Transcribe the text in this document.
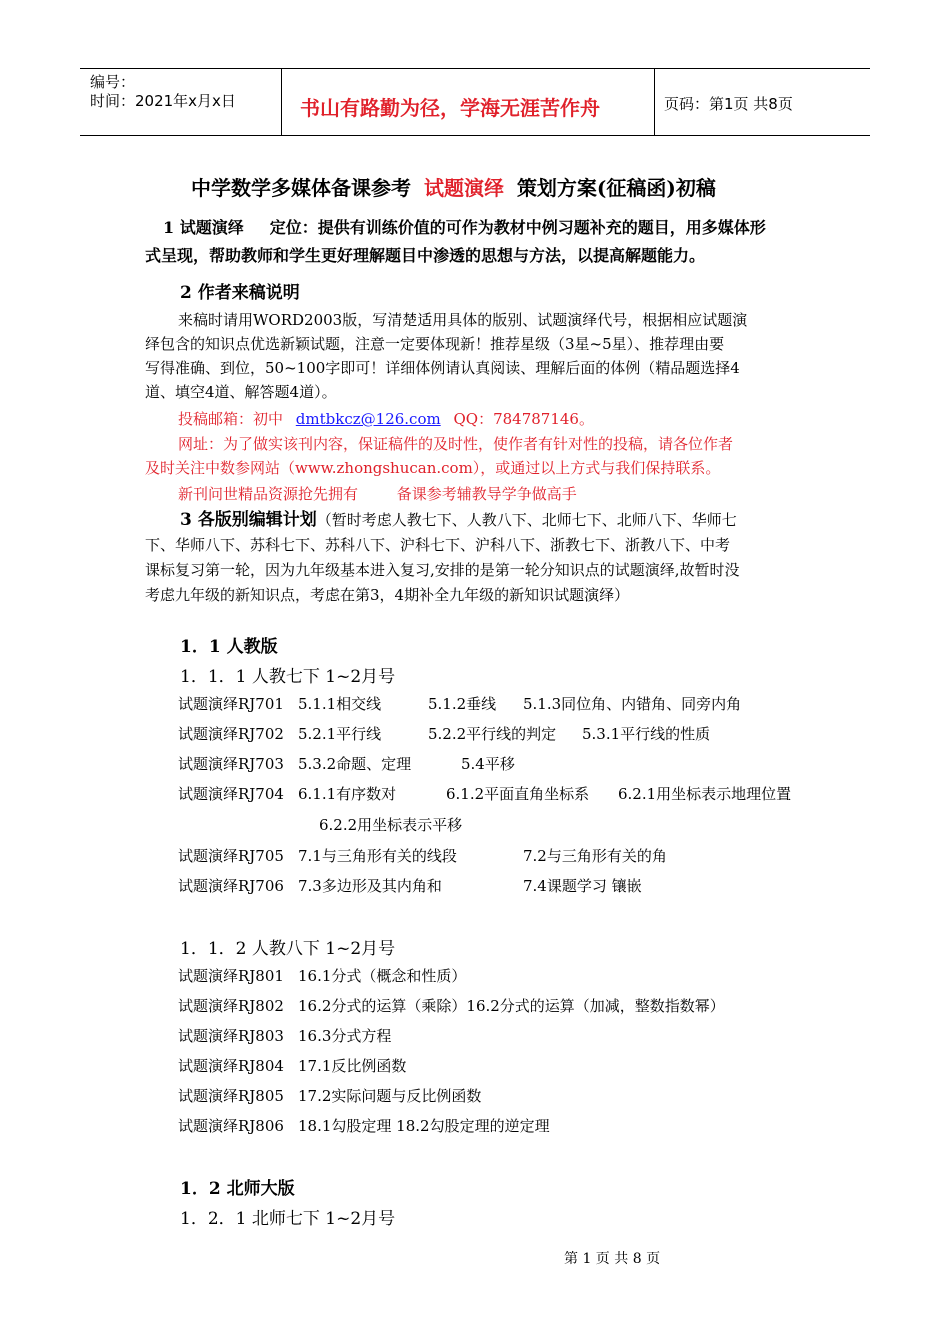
编号：
时间：2021年x月x日	书山有路勤为径，学海无涯苦作舟	页码：第1页 共8页
中学数学多媒体备课参考 试题演绎 策划方案(征稿函)初稿
1 试题演绎 定位：提供有训练价值的可作为教材中例习题补充的题目，用多媒体形
式呈现，帮助教师和学生更好理解题目中渗透的思想与方法，以提高解题能力。
2 作者来稿说明
来稿时请用WORD2003版，写清楚适用具体的版别、试题演绎代号，根据相应试题演
绎包含的知识点优选新颖试题，注意一定要体现新！推荐星级（3星~5星）、推荐理由要
写得准确、到位，50~100字即可！详细体例请认真阅读、理解后面的体例（精品题选择4
道、填空4道、解答题4道）。
投稿邮箱：初中 dmtbkcz@126.com QQ：784787146。
网址：为了做实该刊内容，保证稿件的及时性，使作者有针对性的投稿，请各位作者
及时关注中数参网站（www.zhongshucan.com），或通过以上方式与我们保持联系。
新刊问世精品资源抢先拥有	备课参考辅教导学争做高手
3 各版别编辑计划（暂时考虑人教七下、人教八下、北师七下、北师八下、华师七
下、华师八下、苏科七下、苏科八下、沪科七下、沪科八下、浙教七下、浙教八下、中考
课标复习第一轮，因为九年级基本进入复习,安排的是第一轮分知识点的试题演绎,故暂时没
考虑九年级的新知识点，考虑在第3，4期补全九年级的新知识试题演绎）
1．1 人教版
1．1．1 人教七下 1~2月号
试题演绎RJ701 5.1.1相交线	5.1.2垂线 5.1.3同位角、内错角、同旁内角
试题演绎RJ702 5.2.1平行线	5.2.2平行线的判定 5.3.1平行线的性质
试题演绎RJ703 5.3.2命题、定理	5.4平移
试题演绎RJ704 6.1.1有序数对	6.1.2平面直角坐标系 6.2.1用坐标表示地理位置
6.2.2用坐标表示平移
试题演绎RJ705 7.1与三角形有关的线段	7.2与三角形有关的角
试题演绎RJ706 7.3多边形及其内角和	7.4课题学习 镶嵌
1．1．2 人教八下 1~2月号
试题演绎RJ801 16.1分式（概念和性质）
试题演绎RJ802 16.2分式的运算（乘除）16.2分式的运算（加减，整数指数幂）
试题演绎RJ803 16.3分式方程
试题演绎RJ804 17.1反比例函数
试题演绎RJ805 17.2实际问题与反比例函数
试题演绎RJ806 18.1勾股定理 18.2勾股定理的逆定理
1．2 北师大版
1．2．1 北师七下 1~2月号
第 1 页 共 8 页
